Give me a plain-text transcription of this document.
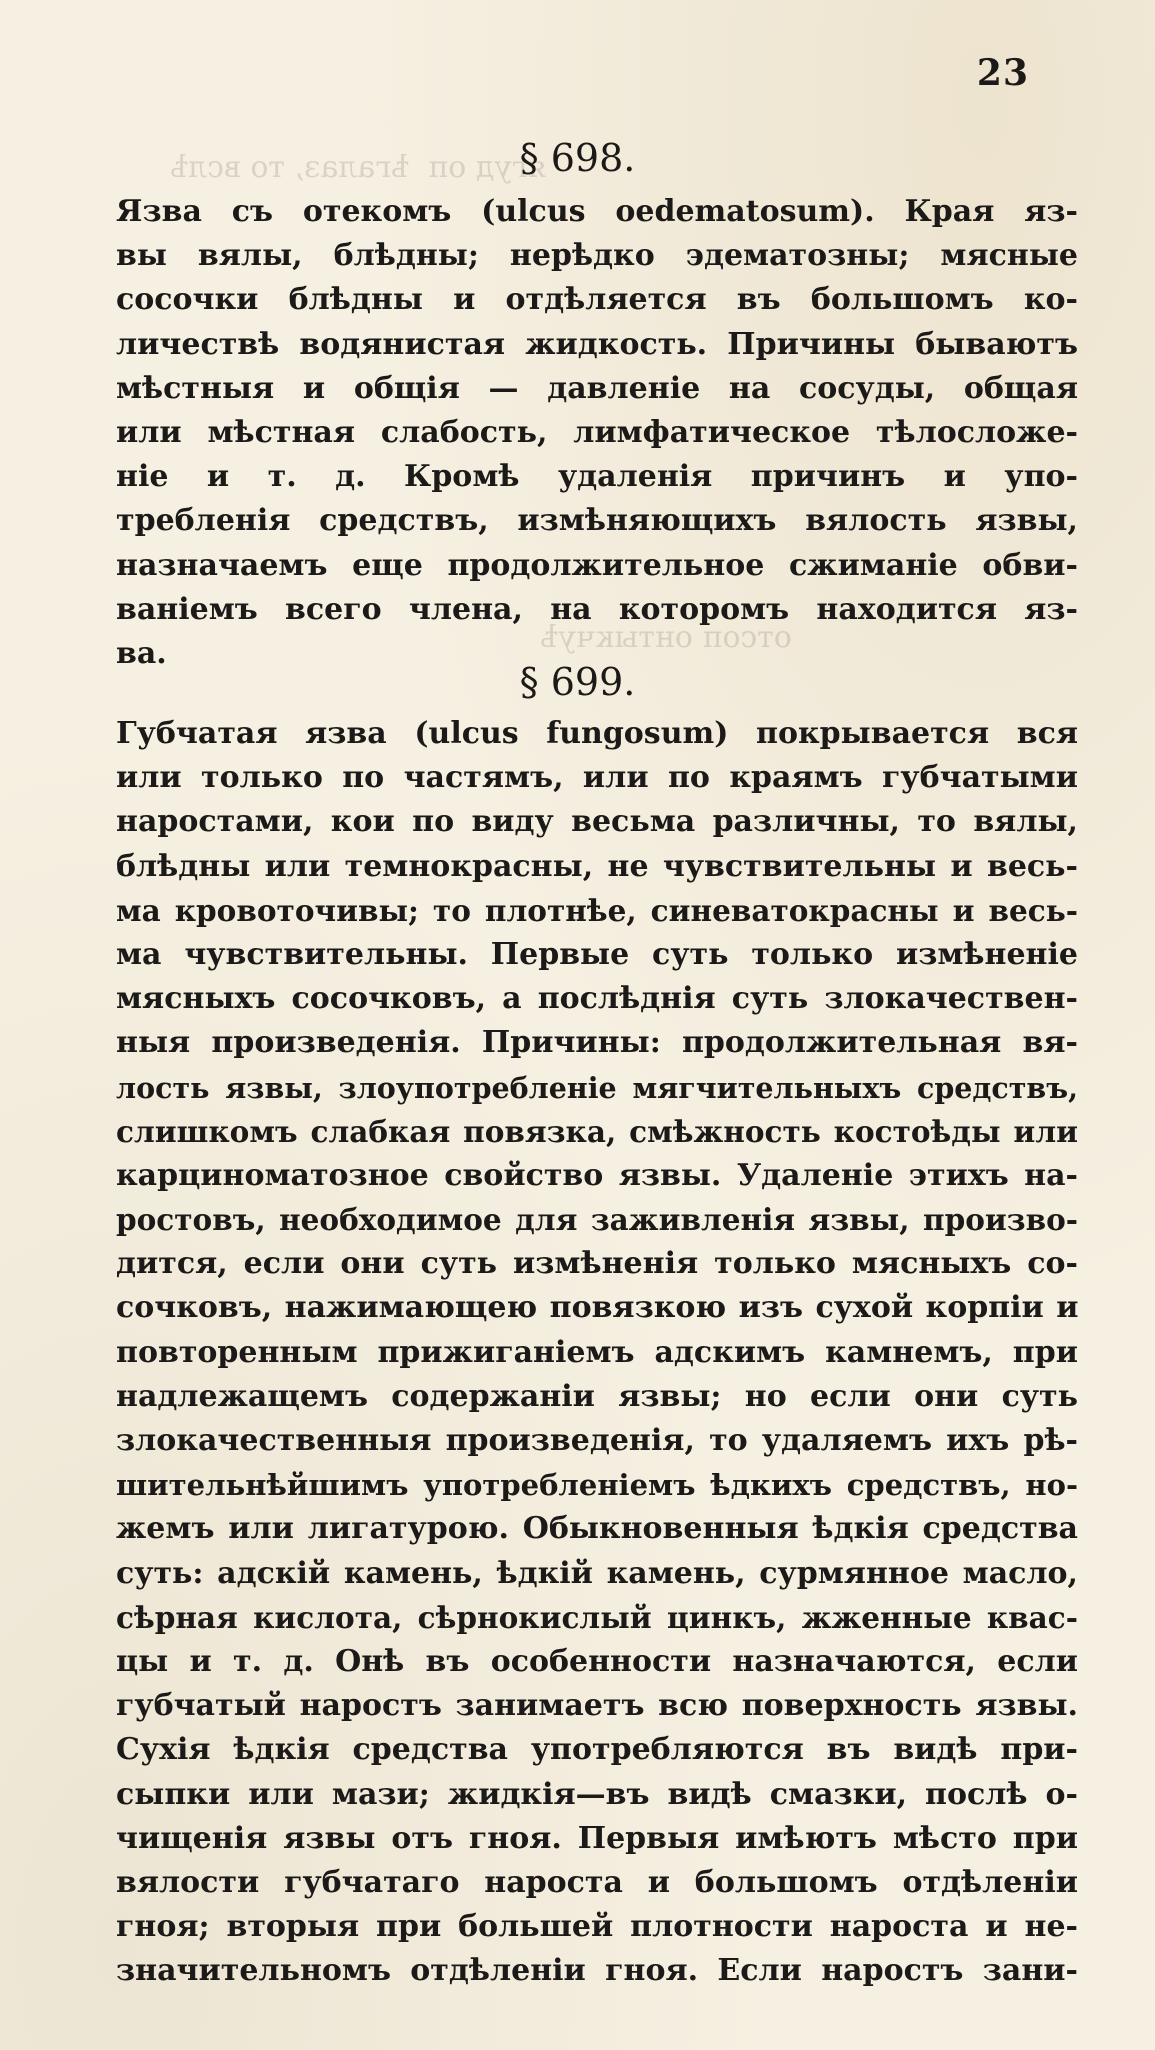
ягуд оп  ѣгалаз, то вслѣ
отсоп онтыкчуѣ
23
§ 698.
Язва съ отекомъ (ulcus oedematosum). Края яз-
вы вялы, блѣдны; нерѣдко эдематозны; мясные
сосочки блѣдны и отдѣляется въ большомъ ко-
личествѣ водянистая жидкость. Причины бываютъ
мѣстныя и общія — давленіе на сосуды, общая
или мѣстная слабость, лимфатическое тѣлосложе-
ніе и т. д. Кромѣ удаленія причинъ и упо-
требленія средствъ, измѣняющихъ вялость язвы,
назначаемъ еще продолжительное сжиманіе обви-
ваніемъ всего члена, на которомъ находится яз-
ва.
§ 699.
Губчатая язва (ulcus fungosum) покрывается вся
или только по частямъ, или по краямъ губчатыми
наростами, кои по виду весьма различны, то вялы,
блѣдны или темнокрасны, не чувствительны и весь-
ма кровоточивы; то плотнѣе, синеватокрасны и весь-
ма чувствительны. Первые суть только измѣненіе
мясныхъ сосочковъ, а послѣднія суть злокачествен-
ныя произведенія. Причины: продолжительная вя-
лость язвы, злоупотребленіе мягчительныхъ средствъ,
слишкомъ слабкая повязка, смѣжность костоѣды или
карциноматозное свойство язвы. Удаленіе этихъ на-
ростовъ, необходимое для заживленія язвы, произво-
дится, если они суть измѣненія только мясныхъ со-
сочковъ, нажимающею повязкою изъ сухой корпіи и
повторенным прижиганіемъ адскимъ камнемъ, при
надлежащемъ содержаніи язвы; но если они суть
злокачественныя произведенія, то удаляемъ ихъ рѣ-
шительнѣйшимъ употребленіемъ ѣдкихъ средствъ, но-
жемъ или лигатурою. Обыкновенныя ѣдкія средства
суть: адскій камень, ѣдкій камень, сурмянное масло,
сѣрная кислота, сѣрнокислый цинкъ, жженные квас-
цы и т. д. Онѣ въ особенности назначаются, если
губчатый наростъ занимаетъ всю поверхность язвы.
Сухія ѣдкія средства употребляются въ видѣ при-
сыпки или мази; жидкія—въ видѣ смазки, послѣ о-
чищенія язвы отъ гноя. Первыя имѣютъ мѣсто при
вялости губчатаго нароста и большомъ отдѣленіи
гноя; вторыя при большей плотности нароста и не-
значительномъ отдѣленіи гноя. Если наростъ зани-
